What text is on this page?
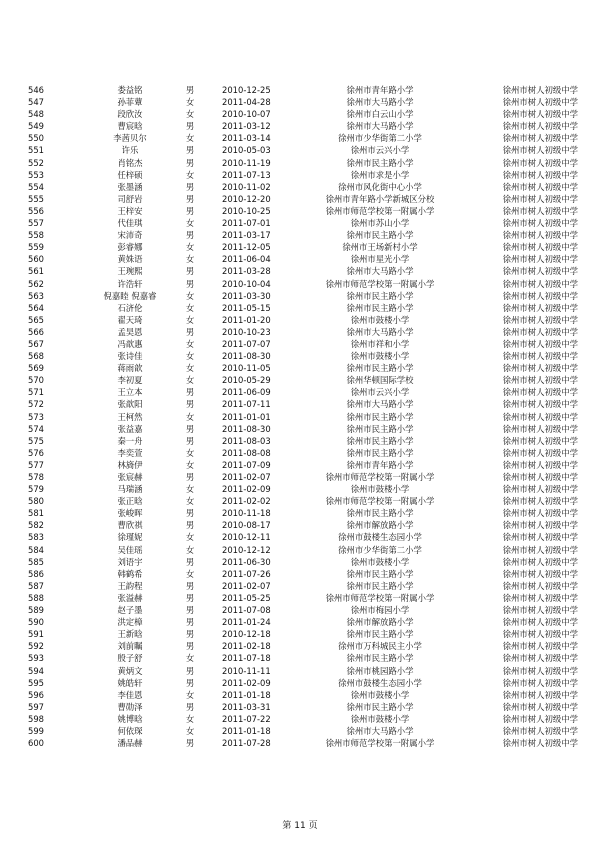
546	娄益铭	男	2010-12-25	徐州市青年路小学	徐州市树人初级中学
547	孙菲蕈	女	2011-04-28	徐州市大马路小学	徐州市树人初级中学
548	段欣汝	女	2010-10-07	徐州市白云山小学	徐州市树人初级中学
549	曹宸晗	男	2011-03-12	徐州市大马路小学	徐州市树人初级中学
550	李茜贝尔	女	2011-03-14	徐州市少华街第二小学	徐州市树人初级中学
551	许乐	男	2010-05-03	徐州市云兴小学	徐州市树人初级中学
552	肖铭杰	男	2010-11-19	徐州市民主路小学	徐州市树人初级中学
553	任梓硕	女	2011-07-13	徐州市求是小学	徐州市树人初级中学
554	张墨涵	男	2010-11-02	徐州市风化街中心小学	徐州市树人初级中学
555	司舒岩	男	2010-12-20	徐州市青年路小学新城区分校	徐州市树人初级中学
556	王梓安	男	2010-10-25	徐州市师范学校第一附属小学	徐州市树人初级中学
557	代佳琪	女	2011-07-01	徐州市苏山小学	徐州市树人初级中学
558	宋沛奇	男	2011-03-17	徐州市民主路小学	徐州市树人初级中学
559	彭睿娜	女	2011-12-05	徐州市王场新村小学	徐州市树人初级中学
560	黄姝语	女	2011-06-04	徐州市星光小学	徐州市树人初级中学
561	王琬熙	男	2011-03-28	徐州市大马路小学	徐州市树人初级中学
562	许浩轩	男	2010-10-04	徐州市师范学校第一附属小学	徐州市树人初级中学
563	倪嘉睦 倪嘉睿	女	2011-03-30	徐州市民主路小学	徐州市树人初级中学
564	石济伦	女	2011-05-15	徐州市民主路小学	徐州市树人初级中学
565	翟天琦	女	2011-01-20	徐州市鼓楼小学	徐州市树人初级中学
566	孟昊恩	男	2010-10-23	徐州市大马路小学	徐州市树人初级中学
567	冯歆惠	女	2011-07-07	徐州市祥和小学	徐州市树人初级中学
568	张诗佳	女	2011-08-30	徐州市鼓楼小学	徐州市树人初级中学
569	蒋雨歆	女	2010-11-05	徐州市民主路小学	徐州市树人初级中学
570	李初夏	女	2010-05-29	徐州华顿国际学校	徐州市树人初级中学
571	王立本	男	2011-06-09	徐州市云兴小学	徐州市树人初级中学
572	张歆阳	男	2011-07-11	徐州市大马路小学	徐州市树人初级中学
573	王柯然	女	2011-01-01	徐州市民主路小学	徐州市树人初级中学
574	张益嘉	男	2011-08-30	徐州市民主路小学	徐州市树人初级中学
575	秦一舟	男	2011-08-03	徐州市民主路小学	徐州市树人初级中学
576	李奕萱	女	2011-08-08	徐州市民主路小学	徐州市树人初级中学
577	林旖伊	女	2011-07-09	徐州市青年路小学	徐州市树人初级中学
578	张宸赫	男	2011-02-07	徐州市师范学校第一附属小学	徐州市树人初级中学
579	马瑞涵	女	2011-02-09	徐州市鼓楼小学	徐州市树人初级中学
580	张正晗	女	2011-02-02	徐州市师范学校第一附属小学	徐州市树人初级中学
581	张峻晖	男	2010-11-18	徐州市民主路小学	徐州市树人初级中学
582	曹欣祺	男	2010-08-17	徐州市解放路小学	徐州市树人初级中学
583	徐瑾妮	女	2010-12-11	徐州市鼓楼生态园小学	徐州市树人初级中学
584	吴佳瑶	女	2010-12-12	徐州市少华街第二小学	徐州市树人初级中学
585	刘语宇	男	2011-06-30	徐州市鼓楼小学	徐州市树人初级中学
586	韩鹤希	女	2011-07-26	徐州市民主路小学	徐州市树人初级中学
587	王韵程	男	2011-02-07	徐州市民主路小学	徐州市树人初级中学
588	张溢赫	男	2011-05-25	徐州市师范学校第一附属小学	徐州市树人初级中学
589	赵子墨	男	2011-07-08	徐州市梅园小学	徐州市树人初级中学
590	洪定樟	男	2011-01-24	徐州市解放路小学	徐州市树人初级中学
591	王新晗	男	2010-12-18	徐州市民主路小学	徐州市树人初级中学
592	刘前瞩	男	2011-02-18	徐州市万科城民主小学	徐州市树人初级中学
593	殷子舒	女	2011-07-18	徐州市民主路小学	徐州市树人初级中学
594	黄炳文	男	2010-11-11	徐州市桃园路小学	徐州市树人初级中学
595	姚皓轩	男	2011-02-09	徐州市鼓楼生态园小学	徐州市树人初级中学
596	李佳恩	女	2011-01-18	徐州市鼓楼小学	徐州市树人初级中学
597	曹勋泽	男	2011-03-31	徐州市民主路小学	徐州市树人初级中学
598	姚博晗	女	2011-07-22	徐州市鼓楼小学	徐州市树人初级中学
599	何依琛	女	2011-01-18	徐州市大马路小学	徐州市树人初级中学
600	潘品赫	男	2011-07-28	徐州市师范学校第一附属小学	徐州市树人初级中学
第 11 页
